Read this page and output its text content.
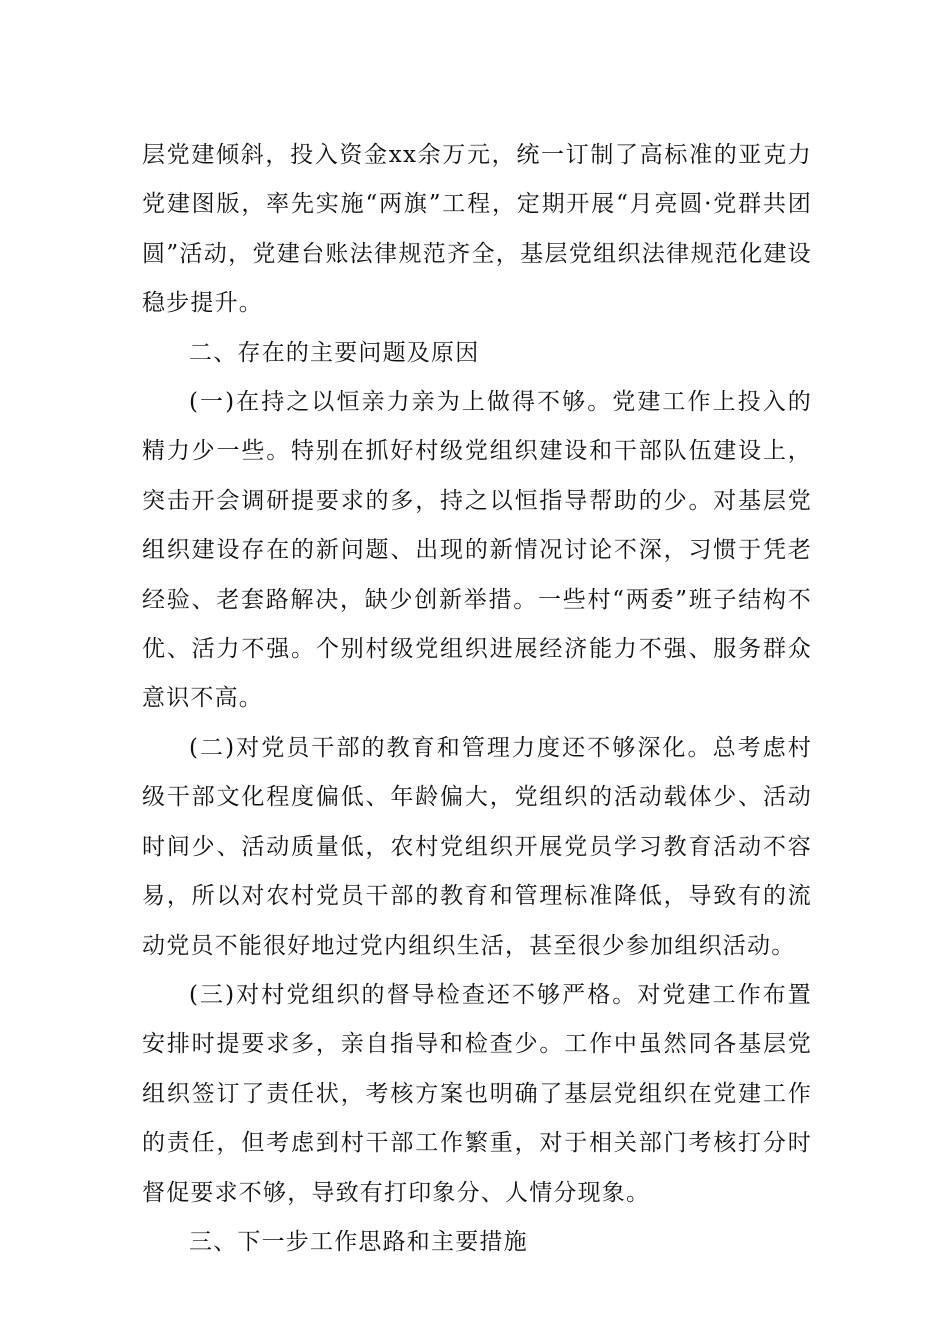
层党建倾斜，投入资金xx余万元，统一订制了高标准的亚克力党建图版，率先实施“两旗”工程，定期开展“月亮圆·党群共团圆”活动，党建台账法律规范齐全，基层党组织法律规范化建设稳步提升。

二、存在的主要问题及原因

(一)在持之以恒亲力亲为上做得不够。党建工作上投入的精力少一些。特别在抓好村级党组织建设和干部队伍建设上，突击开会调研提要求的多，持之以恒指导帮助的少。对基层党组织建设存在的新问题、出现的新情况讨论不深，习惯于凭老经验、老套路解决，缺少创新举措。一些村“两委”班子结构不优、活力不强。个别村级党组织进展经济能力不强、服务群众意识不高。

(二)对党员干部的教育和管理力度还不够深化。总考虑村级干部文化程度偏低、年龄偏大，党组织的活动载体少、活动时间少、活动质量低，农村党组织开展党员学习教育活动不容易，所以对农村党员干部的教育和管理标准降低，导致有的流动党员不能很好地过党内组织生活，甚至很少参加组织活动。

(三)对村党组织的督导检查还不够严格。对党建工作布置安排时提要求多，亲自指导和检查少。工作中虽然同各基层党组织签订了责任状，考核方案也明确了基层党组织在党建工作的责任，但考虑到村干部工作繁重，对于相关部门考核打分时督促要求不够，导致有打印象分、人情分现象。

三、下一步工作思路和主要措施
